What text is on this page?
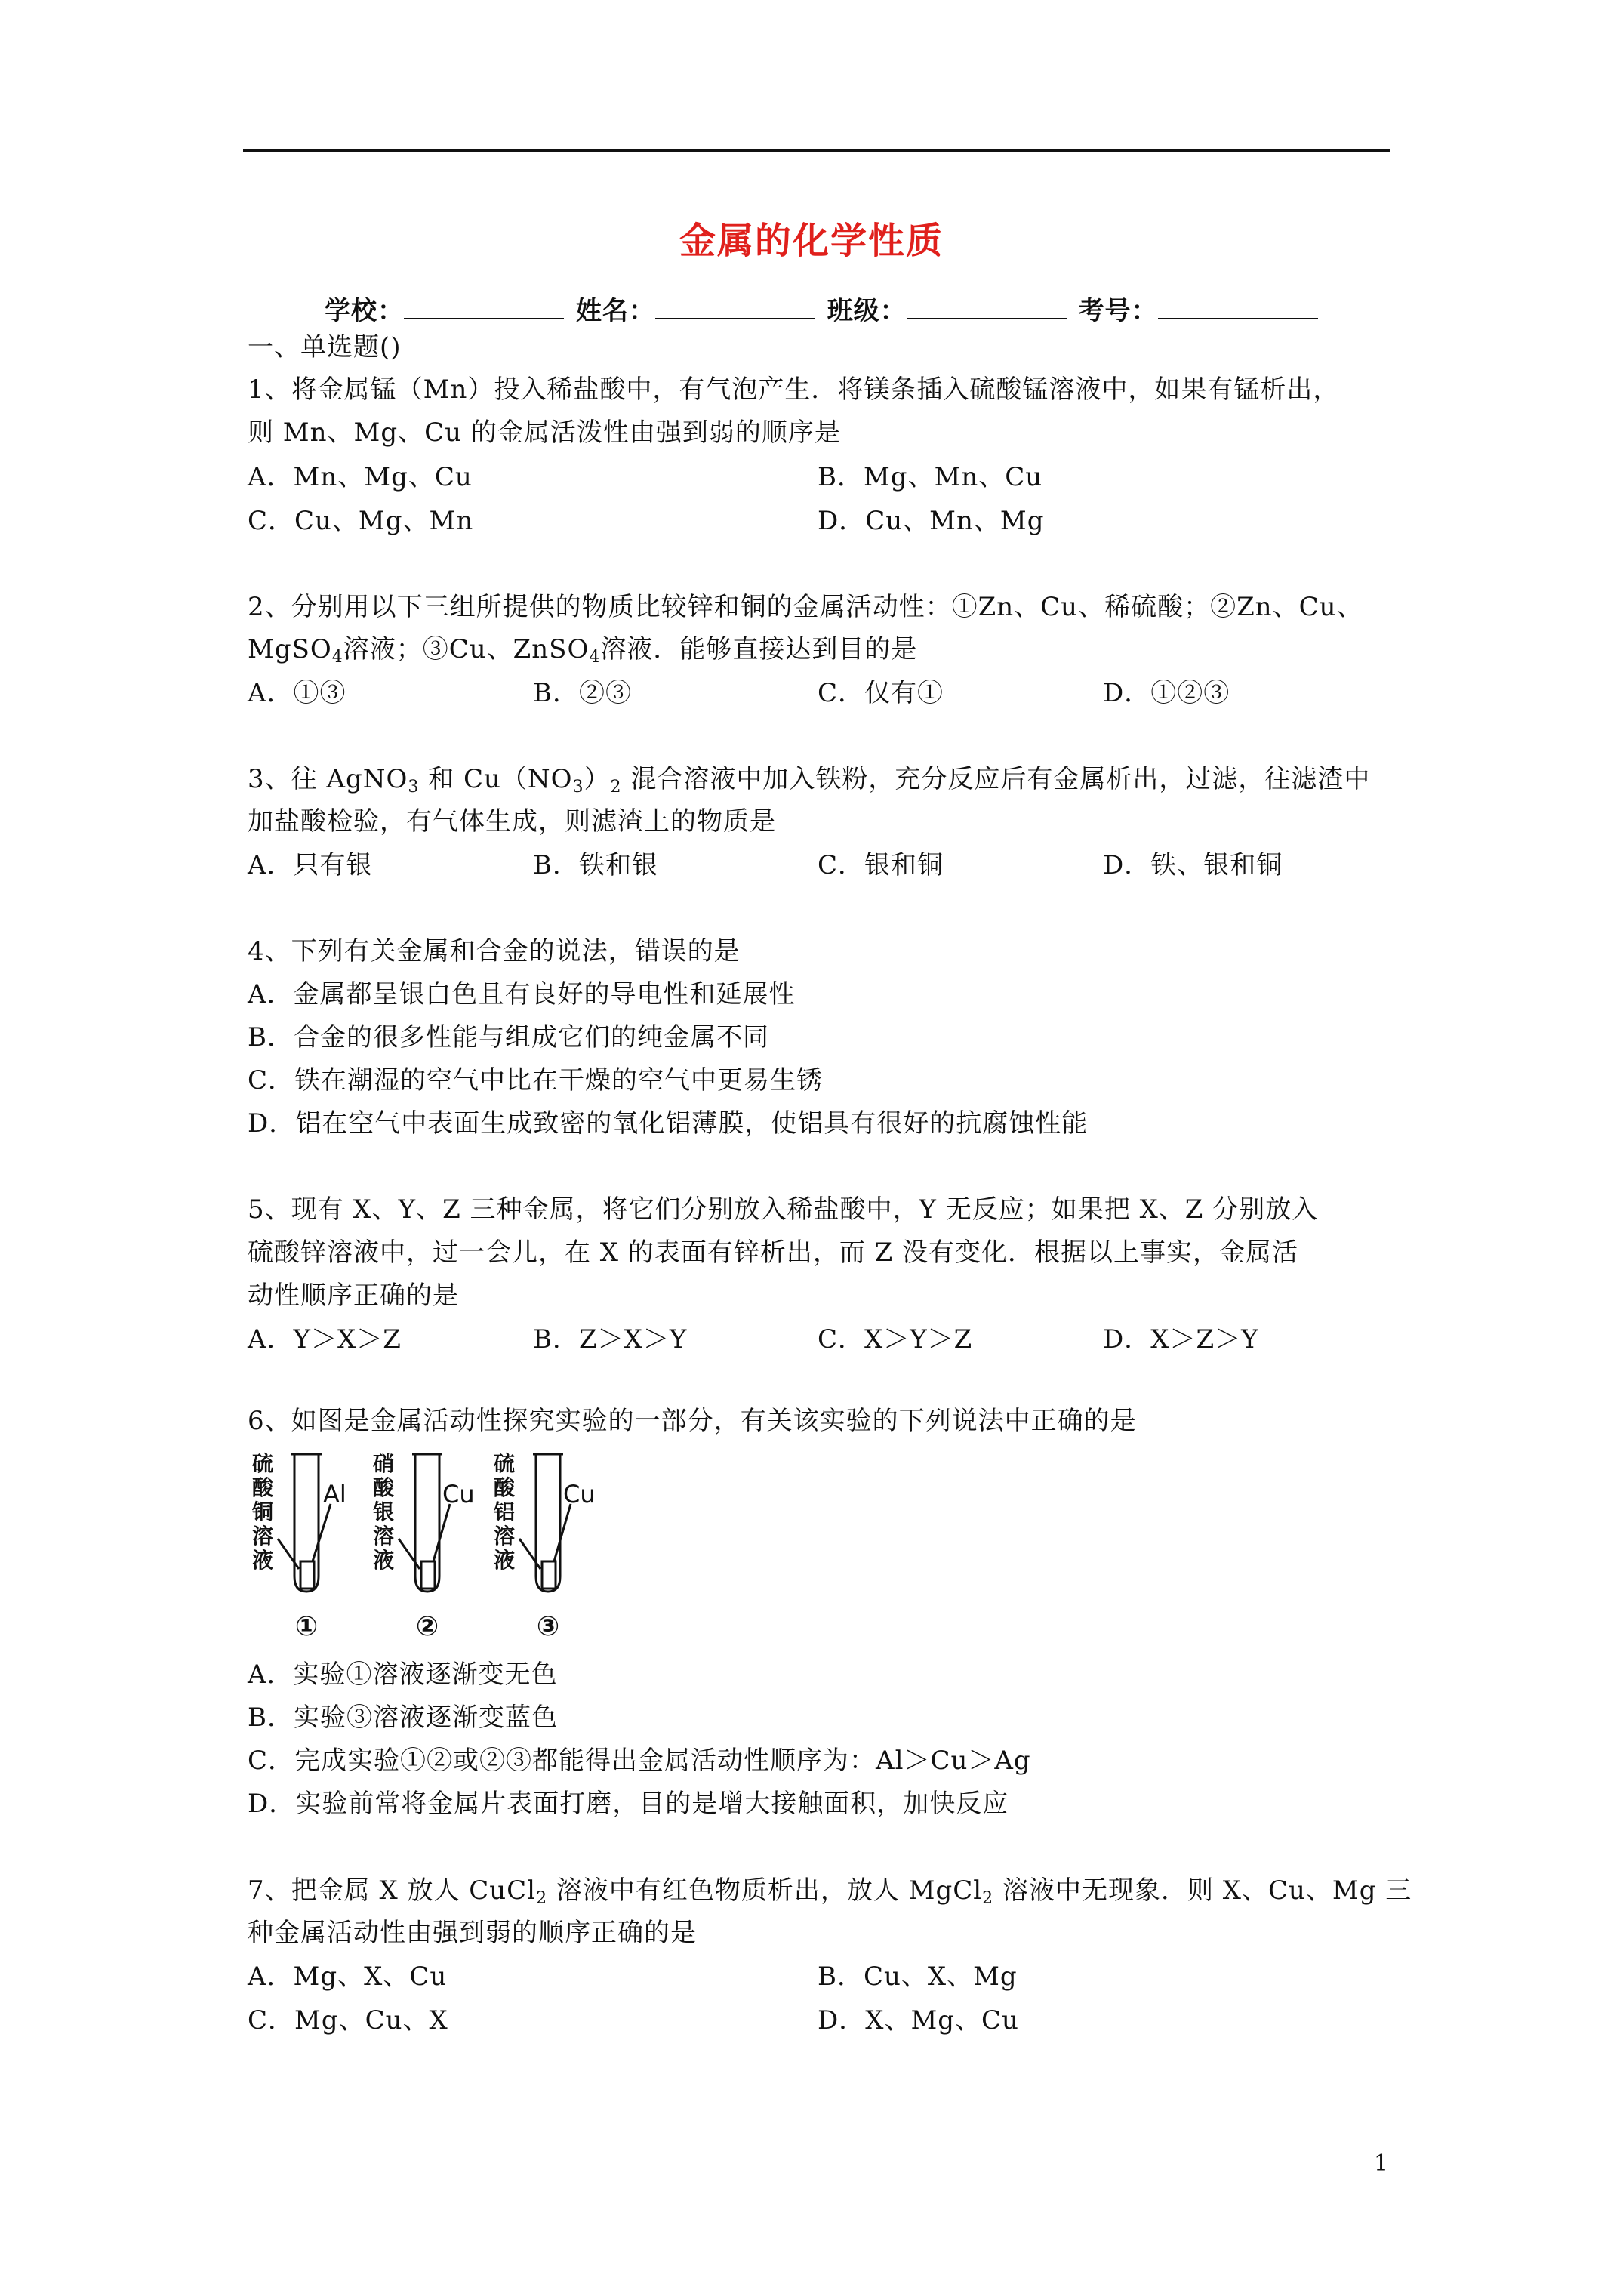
金属的化学性质
学校：	姓名：	班级：	考号：
一、单选题()
1、将金属锰（Mn）投入稀盐酸中，有气泡产生．将镁条插入硫酸锰溶液中，如果有锰析出，
则 Mn、Mg、Cu 的金属活泼性由强到弱的顺序是
A．Mn、Mg、Cu	B．Mg、Mn、Cu
C．Cu、Mg、Mn	D．Cu、Mn、Mg
2、分别用以下三组所提供的物质比较锌和铜的金属活动性：①Zn、Cu、稀硫酸；②Zn、Cu、
MgSO$_4$溶液；③Cu、ZnSO$_4$溶液．能够直接达到目的是
A．①③	B．②③	C．仅有①	D．①②③
3、往 AgNO$_3$ 和 $Cu(NO_3)_2$ 混合溶液中加入铁粉，充分反应后有金属析出，过滤，往滤渣中
加盐酸检验，有气体生成，则滤渣上的物质是
A．只有银	B．铁和银	C．银和铜	D．铁、银和铜
4、下列有关金属和合金的说法，错误的是
A．金属都呈银白色且有良好的导电性和延展性
B．合金的很多性能与组成它们的纯金属不同
C．铁在潮湿的空气中比在干燥的空气中更易生锈
D．铝在空气中表面生成致密的氧化铝薄膜，使铝具有很好的抗腐蚀性能
5、现有 X、Y、Z 三种金属，将它们分别放入稀盐酸中，Y 无反应；如果把 X、Z 分别放入
硫酸锌溶液中，过一会儿，在 X 的表面有锌析出，而 Z 没有变化．根据以上事实，金属活
动性顺序正确的是
A．Y＞X＞Z	B．Z＞X＞Y	C．X＞Y＞Z	D．X＞Z＞Y
6、如图是金属活动性探究实验的一部分，有关该实验的下列说法中正确的是
硫
酸
铜
溶
液
硝
酸
银
溶
液
硫
酸
铝
溶
液
Al	Cu	Cu
①	②	③
A．实验①溶液逐渐变无色
B．实验③溶液逐渐变蓝色
C．完成实验①②或②③都能得出金属活动性顺序为：Al＞Cu＞Ag
D．实验前常将金属片表面打磨，目的是增大接触面积，加快反应
7、把金属 X 放人 CuCl$_2$ 溶液中有红色物质析出，放人 MgCl$_2$ 溶液中无现象．则 X、Cu、Mg 三
种金属活动性由强到弱的顺序正确的是
A．Mg、X、Cu	B．Cu、X、Mg
C．Mg、Cu、X	D．X、Mg、Cu
1
